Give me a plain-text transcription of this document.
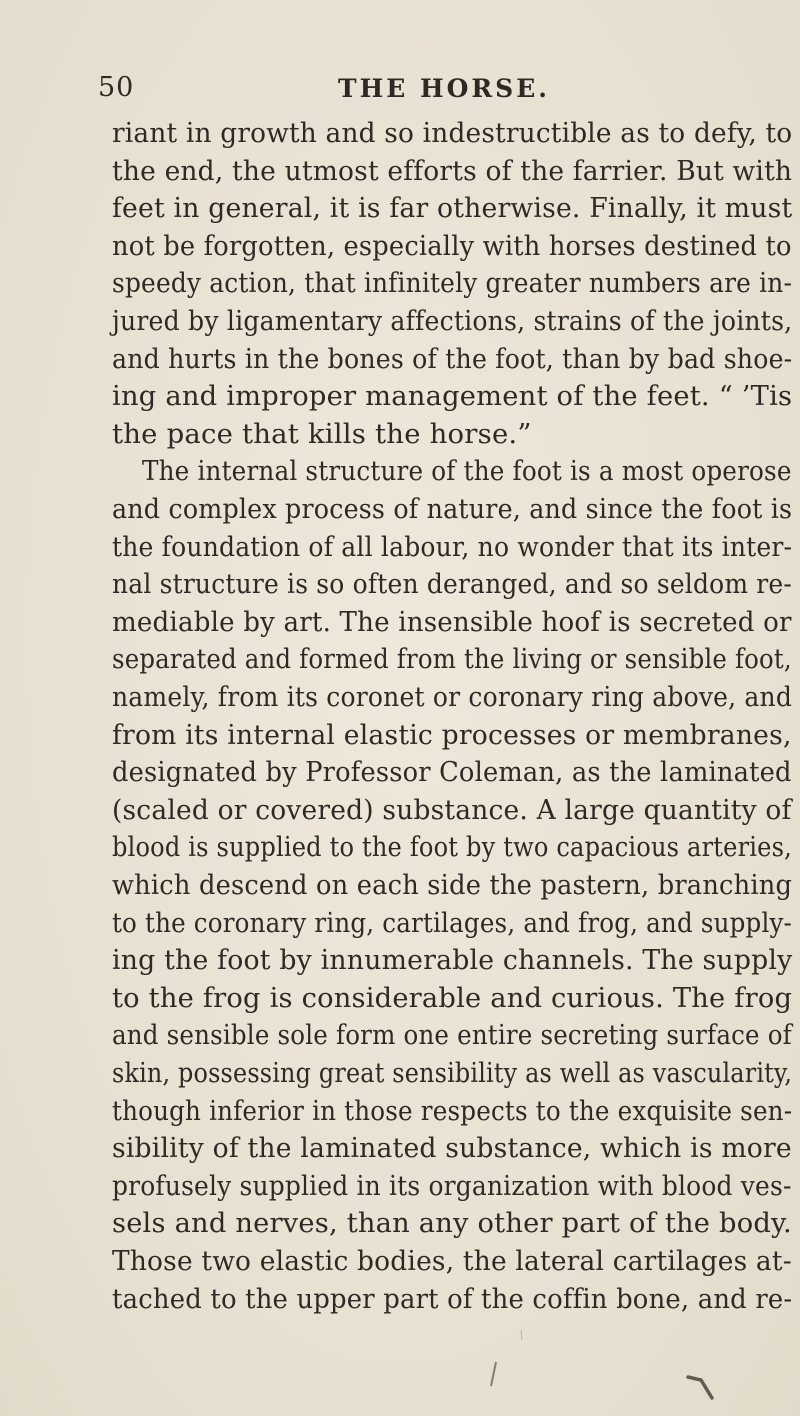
50	THE HORSE.
riant in growth and so indestructible as to defy, to
the end, the utmost efforts of the farrier. But with
feet in general, it is far otherwise. Finally, it must
not be forgotten, especially with horses destined to
speedy action, that infinitely greater numbers are in-
jured by ligamentary affections, strains of the joints,
and hurts in the bones of the foot, than by bad shoe-
ing and improper management of the feet. “ ’Tis
the pace that kills the horse.”
The internal structure of the foot is a most operose
and complex process of nature, and since the foot is
the foundation of all labour, no wonder that its inter-
nal structure is so often deranged, and so seldom re-
mediable by art. The insensible hoof is secreted or
separated and formed from the living or sensible foot,
namely, from its coronet or coronary ring above, and
from its internal elastic processes or membranes,
designated by Professor Coleman, as the laminated
(scaled or covered) substance. A large quantity of
blood is supplied to the foot by two capacious arteries,
which descend on each side the pastern, branching
to the coronary ring, cartilages, and frog, and supply-
ing the foot by innumerable channels. The supply
to the frog is considerable and curious. The frog
and sensible sole form one entire secreting surface of
skin, possessing great sensibility as well as vascularity,
though inferior in those respects to the exquisite sen-
sibility of the laminated substance, which is more
profusely supplied in its organization with blood ves-
sels and nerves, than any other part of the body.
Those two elastic bodies, the lateral cartilages at-
tached to the upper part of the coffin bone, and re-
